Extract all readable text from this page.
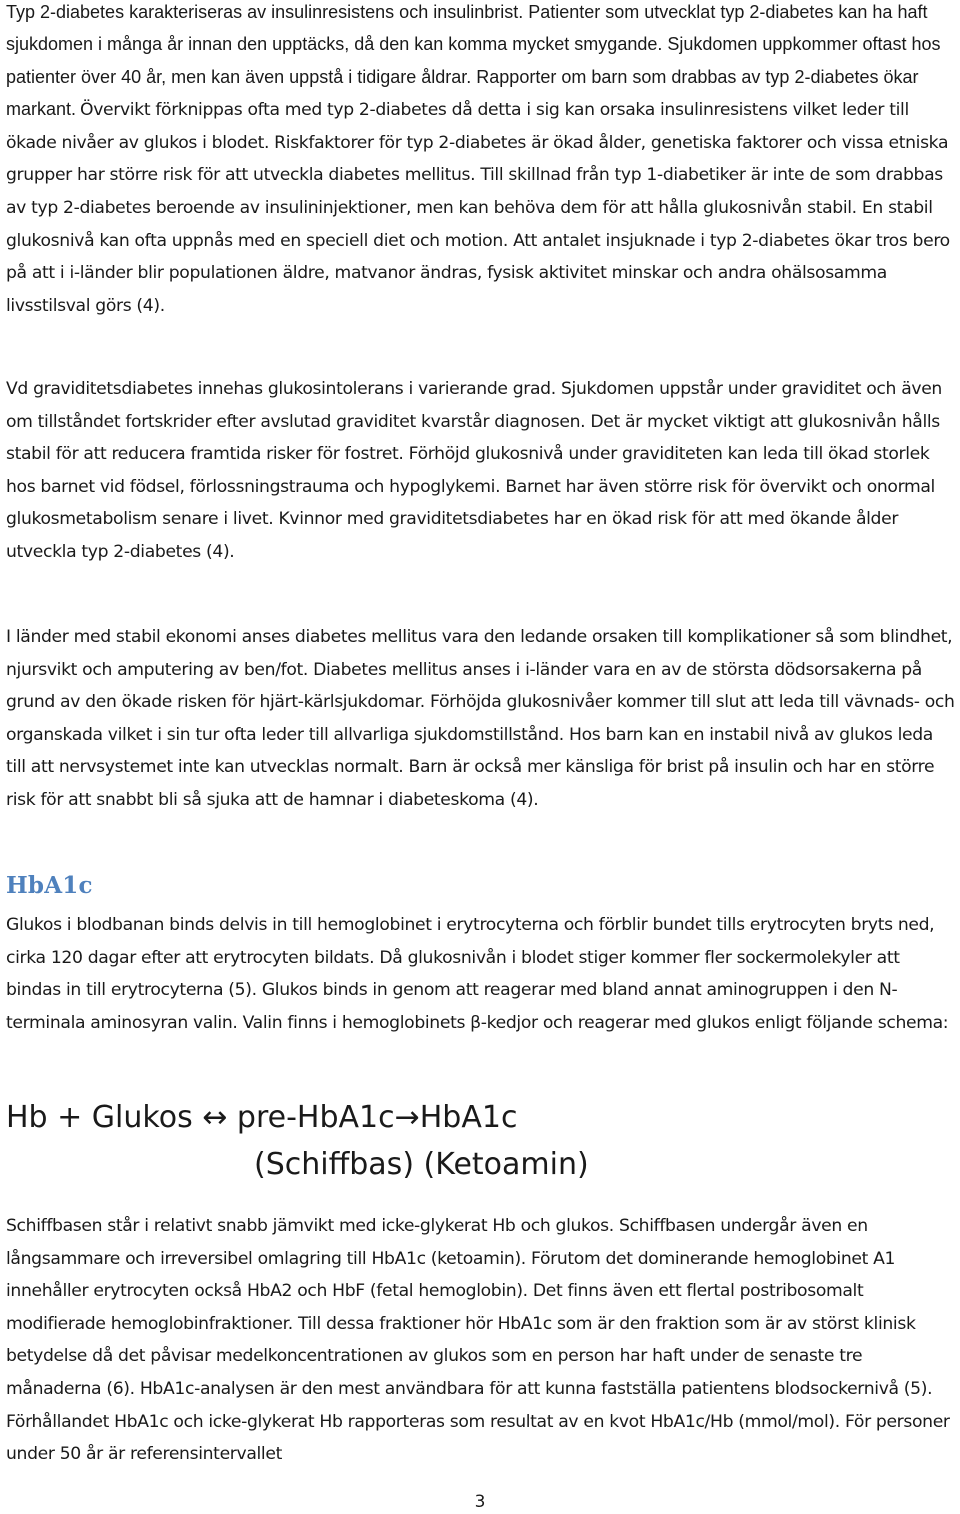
Typ 2-diabetes karakteriseras av insulinresistens och insulinbrist. Patienter som utvecklat typ 2-diabetes kan ha haft sjukdomen i många år innan den upptäcks, då den kan komma mycket smygande. Sjukdomen uppkommer oftast hos patienter över 40 år, men kan även uppstå i tidigare åldrar. Rapporter om barn som drabbas av typ 2-diabetes ökar markant. Övervikt förknippas ofta med typ 2-diabetes då detta i sig kan orsaka insulinresistens vilket leder till ökade nivåer av glukos i blodet. Riskfaktorer för typ 2-diabetes är ökad ålder, genetiska faktorer och vissa etniska grupper har större risk för att utveckla diabetes mellitus. Till skillnad från typ 1-diabetiker är inte de som drabbas av typ 2-diabetes beroende av insulininjektioner, men kan behöva dem för att hålla glukosnivån stabil. En stabil glukosnivå kan ofta uppnås med en speciell diet och motion. Att antalet insjuknade i typ 2-diabetes ökar tros bero på att i i-länder blir populationen äldre, matvanor ändras, fysisk aktivitet minskar och andra ohälsosamma livsstilsval görs (4).

Vd graviditetsdiabetes innehas glukosintolerans i varierande grad. Sjukdomen uppstår under graviditet och även om tillståndet fortskrider efter avslutad graviditet kvarstår diagnosen. Det är mycket viktigt att glukosnivån hålls stabil för att reducera framtida risker för fostret. Förhöjd glukosnivå under graviditeten kan leda till ökad storlek hos barnet vid födsel, förlossningstrauma och hypoglykemi. Barnet har även större risk för övervikt och onormal glukosmetabolism senare i livet. Kvinnor med graviditetsdiabetes har en ökad risk för att med ökande ålder utveckla typ 2-diabetes (4).

I länder med stabil ekonomi anses diabetes mellitus vara den ledande orsaken till komplikationer så som blindhet, njursvikt och amputering av ben/fot. Diabetes mellitus anses i i-länder vara en av de största dödsorsakerna på grund av den ökade risken för hjärt-kärlsjukdomar. Förhöjda glukosnivåer kommer till slut att leda till vävnads- och organskada vilket i sin tur ofta leder till allvarliga sjukdomstillstånd. Hos barn kan en instabil nivå av glukos leda till att nervsystemet inte kan utvecklas normalt. Barn är också mer känsliga för brist på insulin och har en större risk för att snabbt bli så sjuka att de hamnar i diabeteskoma (4).

HbA1c

Glukos i blodbanan binds delvis in till hemoglobinet i erytrocyterna och förblir bundet tills erytrocyten bryts ned, cirka 120 dagar efter att erytrocyten bildats. Då glukosnivån i blodet stiger kommer fler sockermolekyler att bindas in till erytrocyterna (5). Glukos binds in genom att reagerar med bland annat aminogruppen i den N-terminala aminosyran valin. Valin finns i hemoglobinets β-kedjor och reagerar med glukos enligt följande schema:

Hb + Glukos ↔ pre-HbA1c→HbA1c
(Schiffbas) (Ketoamin)

Schiffbasen står i relativt snabb jämvikt med icke-glykerat Hb och glukos. Schiffbasen undergår även en långsammare och irreversibel omlagring till HbA1c (ketoamin). Förutom det dominerande hemoglobinet A1 innehåller erytrocyten också HbA2 och HbF (fetal hemoglobin). Det finns även ett flertal postribosomalt modifierade hemoglobinfraktioner. Till dessa fraktioner hör HbA1c som är den fraktion som är av störst klinisk betydelse då det påvisar medelkoncentrationen av glukos som en person har haft under de senaste tre månaderna (6). HbA1c-analysen är den mest användbara för att kunna fastställa patientens blodsockernivå (5). Förhållandet HbA1c och icke-glykerat Hb rapporteras som resultat av en kvot HbA1c/Hb (mmol/mol). För personer under 50 år är referensintervallet

3
